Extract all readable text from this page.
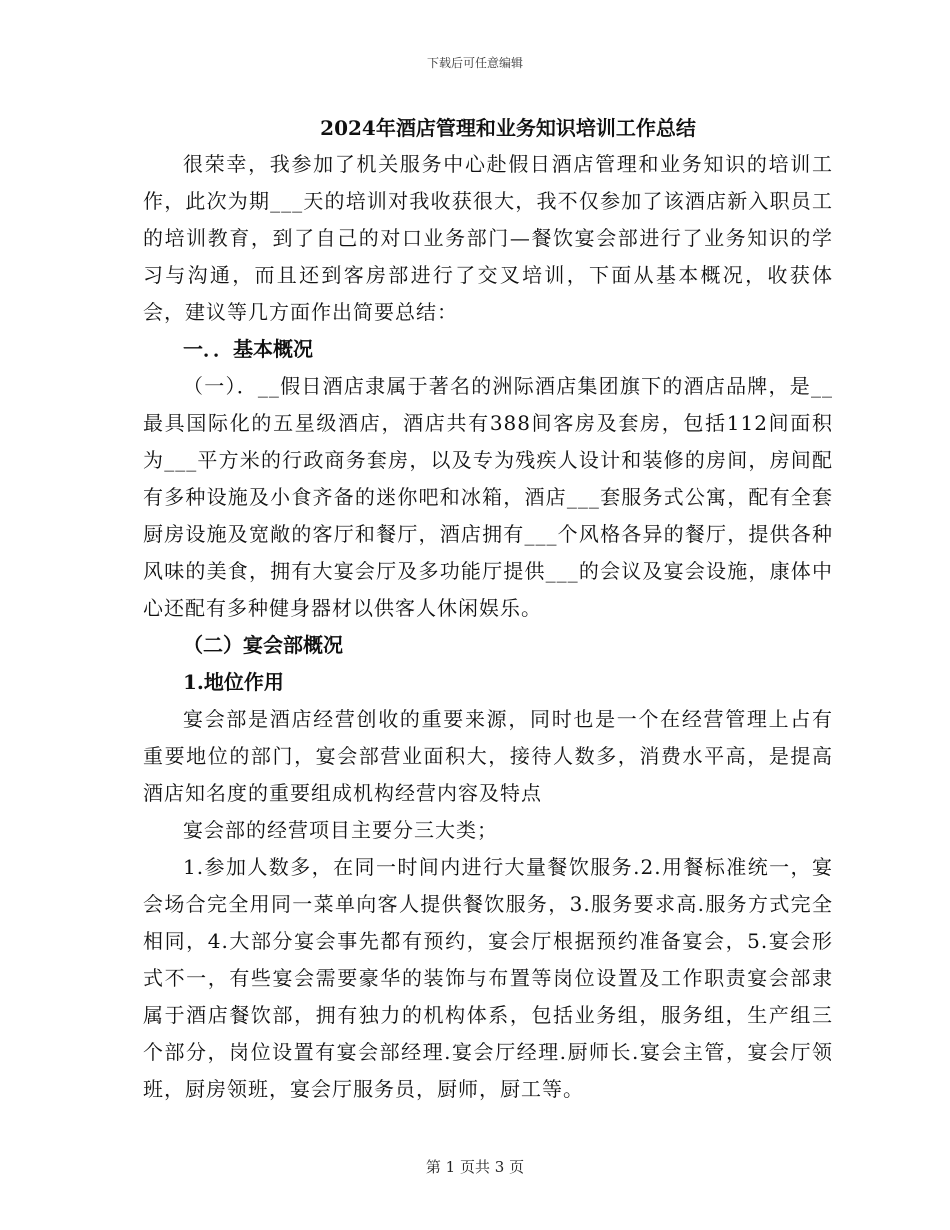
下载后可任意编辑
2024年酒店管理和业务知识培训工作总结

很荣幸，我参加了机关服务中心赴假日酒店管理和业务知识的培训工作，此次为期___天的培训对我收获很大，我不仅参加了该酒店新入职员工的培训教育，到了自己的对口业务部门—餐饮宴会部进行了业务知识的学习与沟通，而且还到客房部进行了交叉培训，下面从基本概况，收获体会，建议等几方面作出简要总结：

一．．基本概况

（一）．__假日酒店隶属于著名的洲际酒店集团旗下的酒店品牌，是__最具国际化的五星级酒店，酒店共有388间客房及套房，包括112间面积为___平方米的行政商务套房，以及专为残疾人设计和装修的房间，房间配有多种设施及小食齐备的迷你吧和冰箱，酒店___套服务式公寓，配有全套厨房设施及宽敞的客厅和餐厅，酒店拥有___个风格各异的餐厅，提供各种风味的美食，拥有大宴会厅及多功能厅提供___的会议及宴会设施，康体中心还配有多种健身器材以供客人休闲娱乐。

（二）宴会部概况

1.地位作用

宴会部是酒店经营创收的重要来源，同时也是一个在经营管理上占有重要地位的部门，宴会部营业面积大，接待人数多，消费水平高，是提高酒店知名度的重要组成机构经营内容及特点

宴会部的经营项目主要分三大类；

1.参加人数多，在同一时间内进行大量餐饮服务.2.用餐标准统一，宴会场合完全用同一菜单向客人提供餐饮服务，3.服务要求高.服务方式完全相同，4.大部分宴会事先都有预约，宴会厅根据预约准备宴会，5.宴会形式不一，有些宴会需要豪华的装饰与布置等岗位设置及工作职责宴会部隶属于酒店餐饮部，拥有独力的机构体系，包括业务组，服务组，生产组三个部分，岗位设置有宴会部经理.宴会厅经理.厨师长.宴会主管，宴会厅领班，厨房领班，宴会厅服务员，厨师，厨工等。

第 1 页共 3 页
